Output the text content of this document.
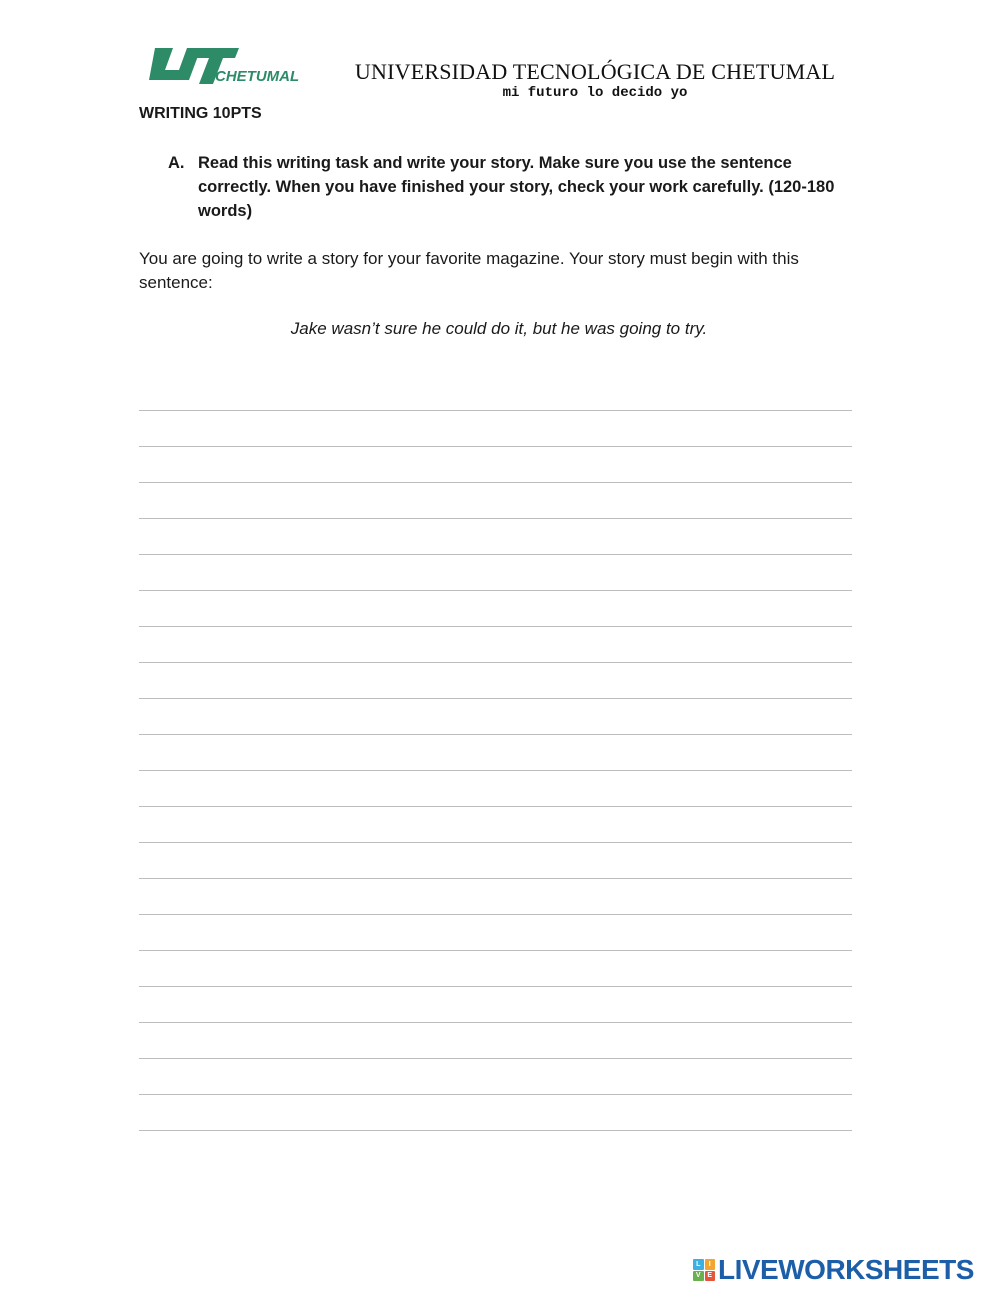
CHETUMAL	UNIVERSIDAD TECNOLÓGICA DE CHETUMAL
mi futuro lo decido yo
WRITING 10PTS
A. Read this writing task and write your story. Make sure you use the sentence correctly. When you have finished your story, check your work carefully. (120-180 words)
You are going to write a story for your favorite magazine. Your story must begin with this sentence:
Jake wasn’t sure he could do it, but he was going to try.
L	I
V E LIVEWORKSHEETS
